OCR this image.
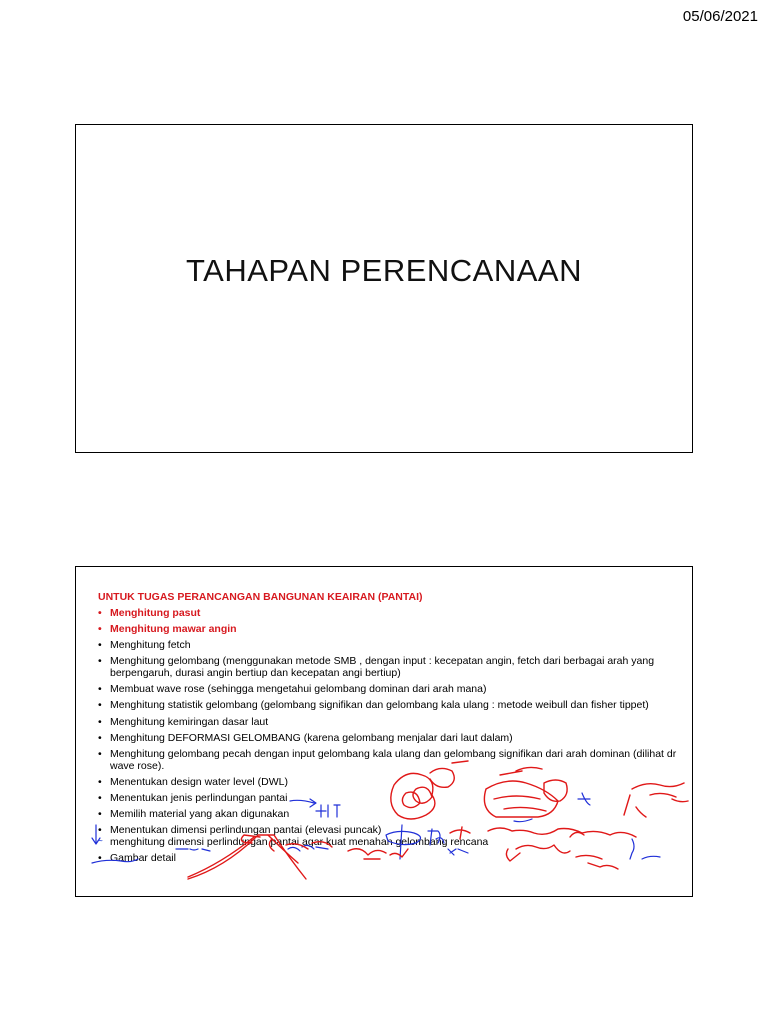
05/06/2021
TAHAPAN PERENCANAAN
UNTUK TUGAS PERANCANGAN BANGUNAN KEAIRAN (PANTAI)
• Menghitung pasut
• Menghitung mawar angin
• Menghitung fetch
• Menghitung gelombang (menggunakan metode SMB , dengan input : kecepatan angin, fetch dari berbagai arah yang berpengaruh, durasi angin bertiup dan kecepatan angi bertiup)
• Membuat wave rose (sehingga mengetahui gelombang dominan dari arah mana)
• Menghitung statistik gelombang (gelombang signifikan dan gelombang kala ulang : metode weibull dan fisher tippet)
• Menghitung kemiringan dasar laut
• Menghitung DEFORMASI GELOMBANG (karena gelombang menjalar dari laut dalam)
• Menghitung gelombang pecah dengan input gelombang kala ulang dan gelombang signifikan dari arah dominan (dilihat dr wave rose).
• Menentukan design water level (DWL)
• Menentukan jenis perlindungan pantai
• Memilih material yang akan digunakan
• Menentukan dimensi perlindungan pantai (elevasi puncak)
~ menghitung dimensi perlindungan pantai agar kuat menahan gelombang rencana
• Gambar detail
